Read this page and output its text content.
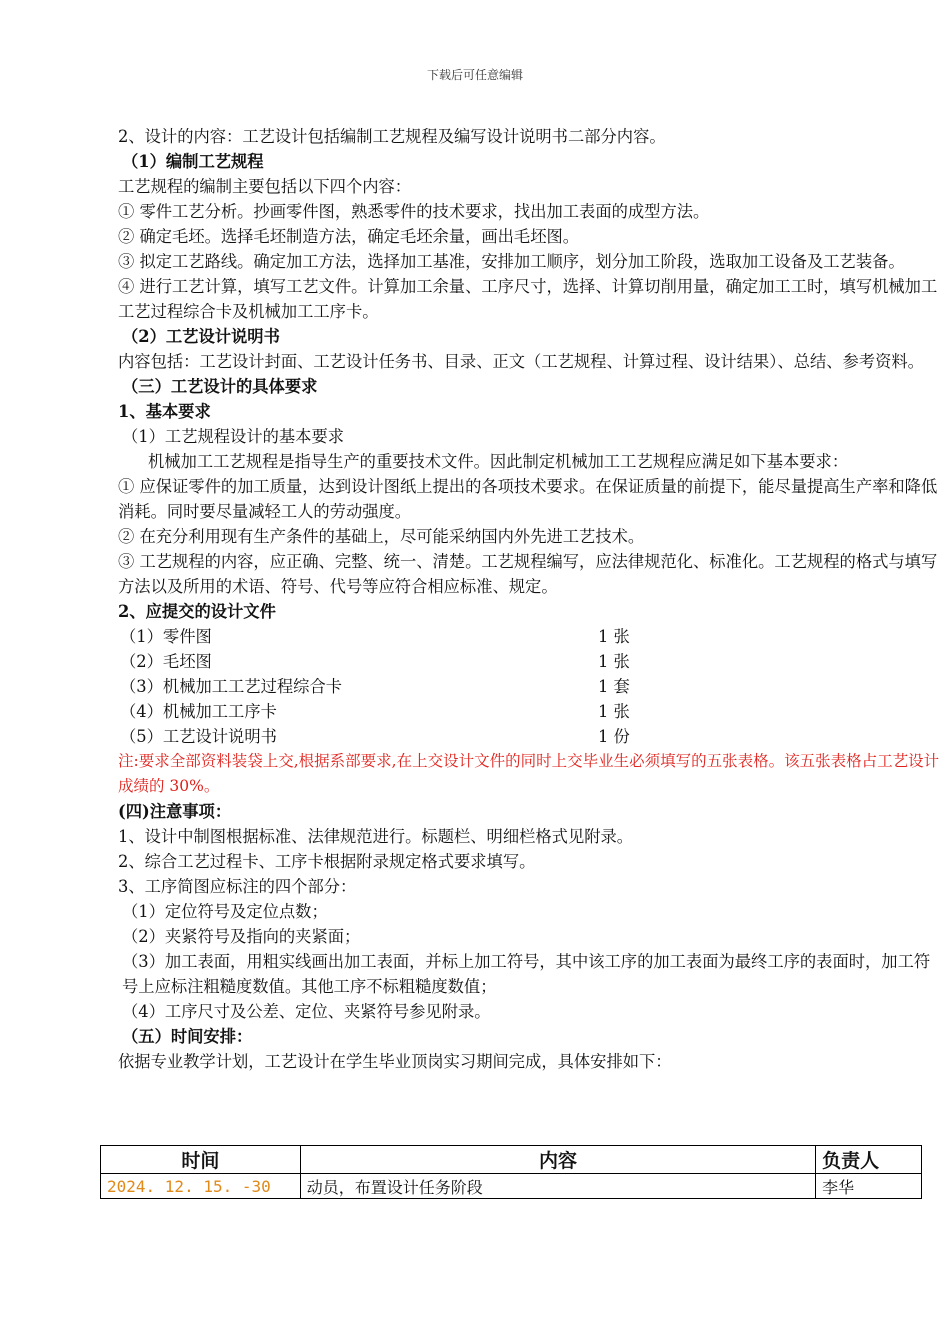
下载后可任意编辑

2、设计的内容：工艺设计包括编制工艺规程及编写设计说明书二部分内容。

（1）编制工艺规程

工艺规程的编制主要包括以下四个内容：

① 零件工艺分析。抄画零件图，熟悉零件的技术要求，找出加工表面的成型方法。

② 确定毛坯。选择毛坯制造方法，确定毛坯余量，画出毛坯图。

③ 拟定工艺路线。确定加工方法，选择加工基准，安排加工顺序，划分加工阶段，选取加工设备及工艺装备。

④ 进行工艺计算，填写工艺文件。计算加工余量、工序尺寸，选择、计算切削用量，确定加工工时，填写机械加工工艺过程综合卡及机械加工工序卡。

（2）工艺设计说明书

内容包括：工艺设计封面、工艺设计任务书、目录、正文（工艺规程、计算过程、设计结果）、总结、参考资料。

（三）工艺设计的具体要求

1、基本要求

（1）工艺规程设计的基本要求

机械加工工艺规程是指导生产的重要技术文件。因此制定机械加工工艺规程应满足如下基本要求：

① 应保证零件的加工质量，达到设计图纸上提出的各项技术要求。在保证质量的前提下，能尽量提高生产率和降低消耗。同时要尽量减轻工人的劳动强度。

② 在充分利用现有生产条件的基础上，尽可能采纳国内外先进工艺技术。

③ 工艺规程的内容，应正确、完整、统一、清楚。工艺规程编写，应法律规范化、标准化。工艺规程的格式与填写方法以及所用的术语、符号、代号等应符合相应标准、规定。

2、应提交的设计文件

（1）零件图	1 张
（2）毛坯图	1 张
（3）机械加工工艺过程综合卡	1 套
（4）机械加工工序卡	1 张
（5）工艺设计说明书	1 份

注:要求全部资料装袋上交,根据系部要求,在上交设计文件的同时上交毕业生必须填写的五张表格。该五张表格占工艺设计成绩的 30%。

(四)注意事项：

1、设计中制图根据标准、法律规范进行。标题栏、明细栏格式见附录。

2、综合工艺过程卡、工序卡根据附录规定格式要求填写。

3、工序简图应标注的四个部分：

（1）定位符号及定位点数；

（2）夹紧符号及指向的夹紧面；

（3）加工表面，用粗实线画出加工表面，并标上加工符号，其中该工序的加工表面为最终工序的表面时，加工符号上应标注粗糙度数值。其他工序不标粗糙度数值；

（4）工序尺寸及公差、定位、夹紧符号参见附录。

（五）时间安排：

依据专业教学计划，工艺设计在学生毕业顶岗实习期间完成，具体安排如下：

时间	内容	负责人
2024. 12. 15. -30	动员，布置设计任务阶段	李华
